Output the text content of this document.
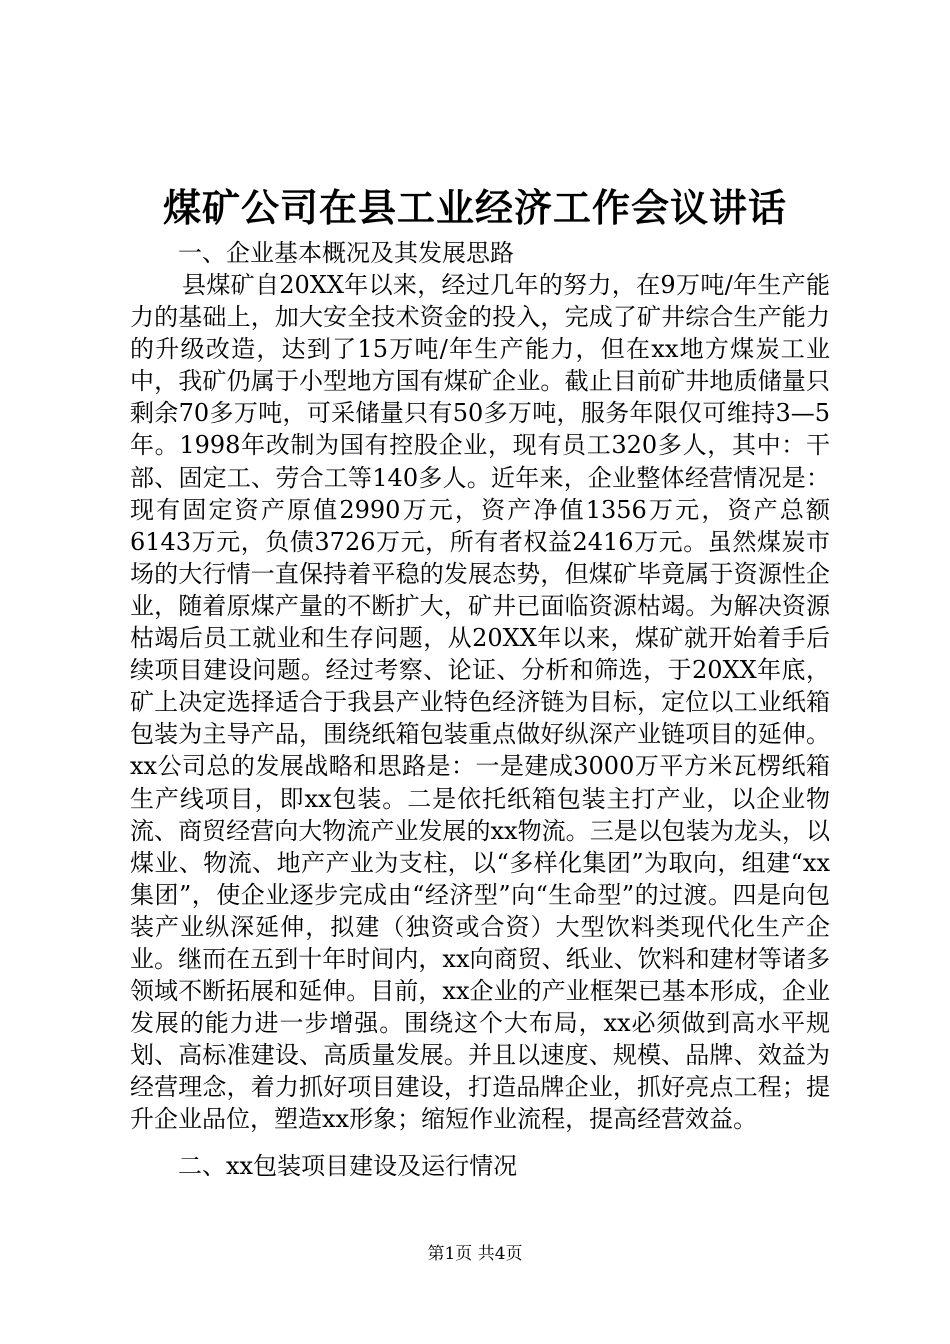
煤矿公司在县工业经济工作会议讲话
一、企业基本概况及其发展思路
县煤矿自20XX年以来，经过几年的努力，在9万吨/年生产能力的基础上，加大安全技术资金的投入，完成了矿井综合生产能力的升级改造，达到了15万吨/年生产能力，但在xx地方煤炭工业中，我矿仍属于小型地方国有煤矿企业。截止目前矿井地质储量只剩余70多万吨，可采储量只有50多万吨，服务年限仅可维持3—5年。1998年改制为国有控股企业，现有员工320多人，其中：干部、固定工、劳合工等140多人。近年来，企业整体经营情况是：现有固定资产原值2990万元，资产净值1356万元，资产总额6143万元，负债3726万元，所有者权益2416万元。虽然煤炭市场的大行情一直保持着平稳的发展态势，但煤矿毕竟属于资源性企业，随着原煤产量的不断扩大，矿井已面临资源枯竭。为解决资源枯竭后员工就业和生存问题，从20XX年以来，煤矿就开始着手后续项目建设问题。经过考察、论证、分析和筛选，于20XX年底，矿上决定选择适合于我县产业特色经济链为目标，定位以工业纸箱包装为主导产品，围绕纸箱包装重点做好纵深产业链项目的延伸。xx公司总的发展战略和思路是：一是建成3000万平方米瓦楞纸箱生产线项目，即xx包装。二是依托纸箱包装主打产业，以企业物流、商贸经营向大物流产业发展的xx物流。三是以包装为龙头，以煤业、物流、地产产业为支柱，以“多样化集团”为取向，组建“xx集团”，使企业逐步完成由“经济型”向“生命型”的过渡。四是向包装产业纵深延伸，拟建（独资或合资）大型饮料类现代化生产企业。继而在五到十年时间内，xx向商贸、纸业、饮料和建材等诸多领域不断拓展和延伸。目前，xx企业的产业框架已基本形成，企业发展的能力进一步增强。围绕这个大布局，xx必须做到高水平规划、高标准建设、高质量发展。并且以速度、规模、品牌、效益为经营理念，着力抓好项目建设，打造品牌企业，抓好亮点工程；提升企业品位，塑造xx形象；缩短作业流程，提高经营效益。
二、xx包装项目建设及运行情况
第1页 共4页
